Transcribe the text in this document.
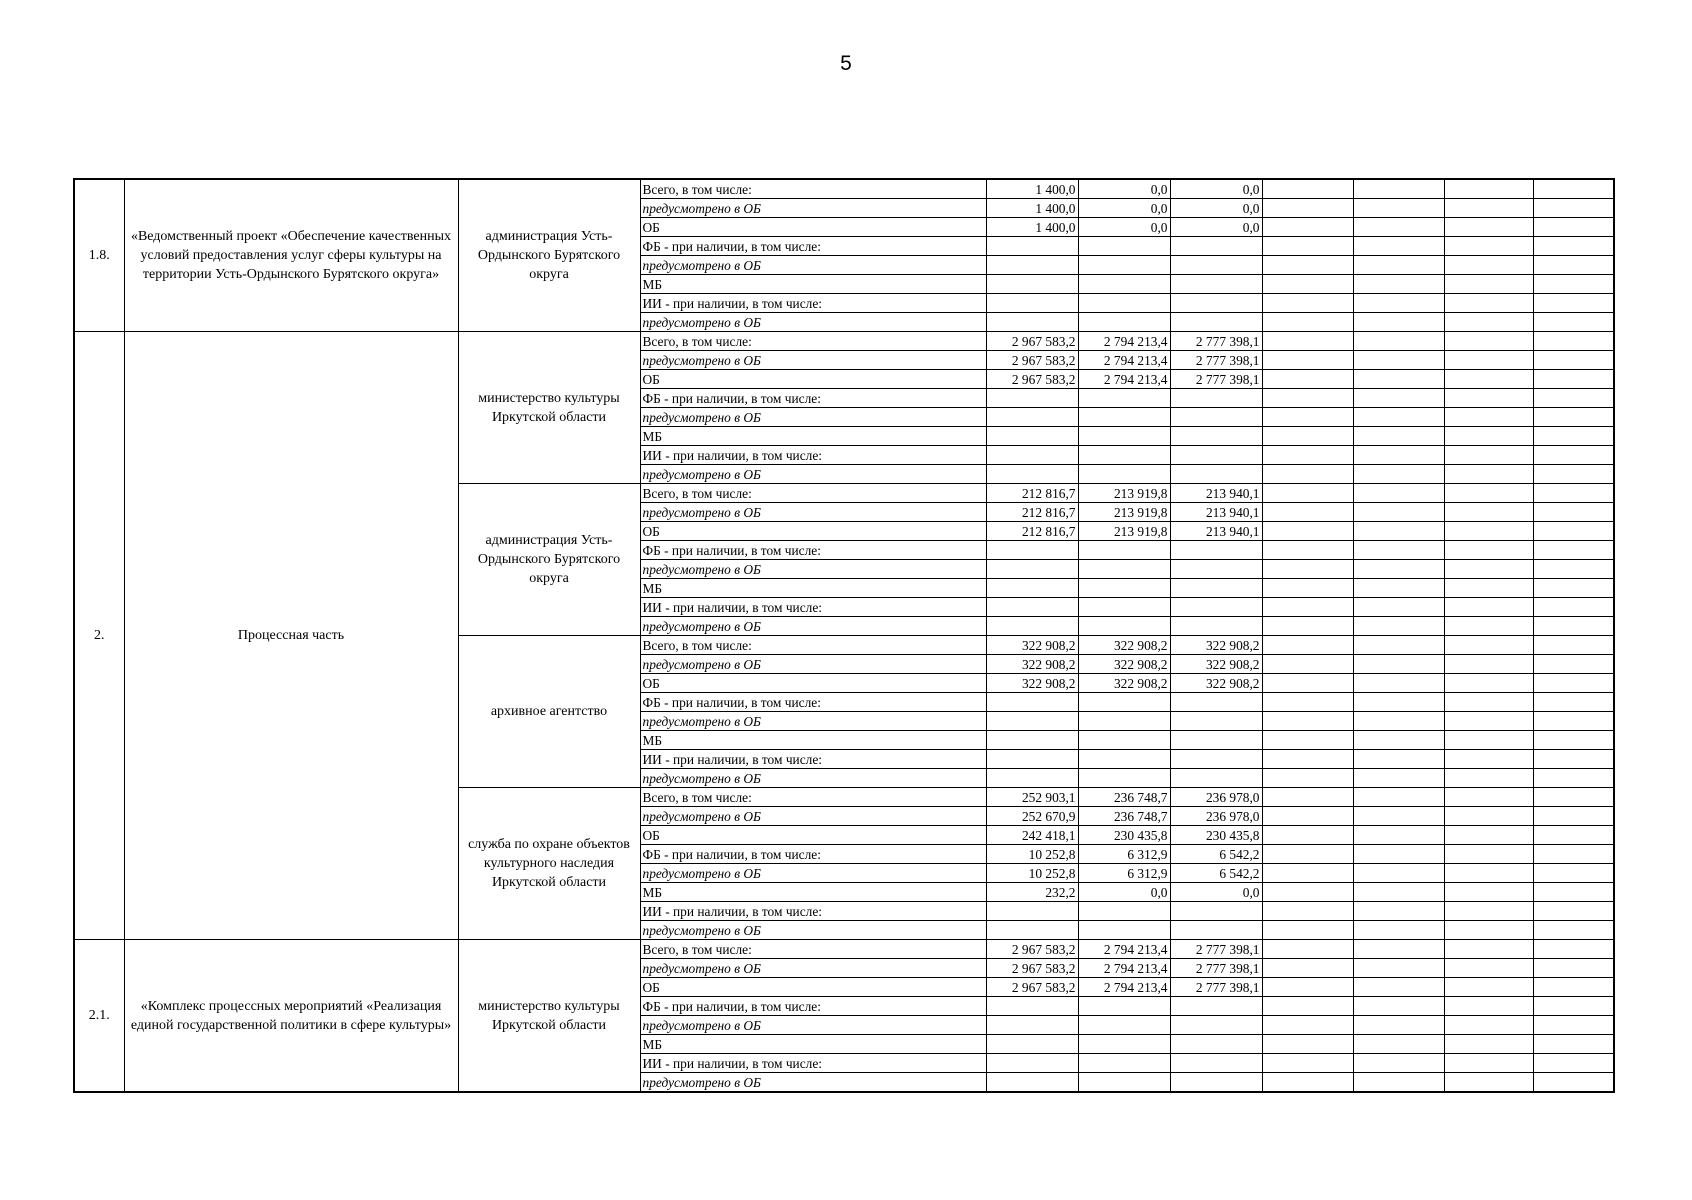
5
1.8.	«Ведомственный проект «Обеспечение качественных условий предоставления услуг сферы культуры на территории Усть-Ордынского Бурятского округа»	администрация Усть-Ордынского Бурятского округа	Всего, в том числе:	1 400,0	0,0	0,0				
			предусмотрено в ОБ	1 400,0	0,0	0,0				
			ОБ	1 400,0	0,0	0,0				
			ФБ - при наличии, в том числе:							
			предусмотрено в ОБ							
			МБ							
			ИИ - при наличии, в том числе:							
			предусмотрено в ОБ							
2.	Процессная часть	министерство культуры Иркутской области	Всего, в том числе:	2 967 583,2	2 794 213,4	2 777 398,1				
			предусмотрено в ОБ	2 967 583,2	2 794 213,4	2 777 398,1				
			ОБ	2 967 583,2	2 794 213,4	2 777 398,1				
			ФБ - при наличии, в том числе:							
			предусмотрено в ОБ							
			МБ							
			ИИ - при наличии, в том числе:							
			предусмотрено в ОБ							
		администрация Усть-Ордынского Бурятского округа	Всего, в том числе:	212 816,7	213 919,8	213 940,1				
			предусмотрено в ОБ	212 816,7	213 919,8	213 940,1				
			ОБ	212 816,7	213 919,8	213 940,1				
			ФБ - при наличии, в том числе:							
			предусмотрено в ОБ							
			МБ							
			ИИ - при наличии, в том числе:							
			предусмотрено в ОБ							
		архивное агентство	Всего, в том числе:	322 908,2	322 908,2	322 908,2				
			предусмотрено в ОБ	322 908,2	322 908,2	322 908,2				
			ОБ	322 908,2	322 908,2	322 908,2				
			ФБ - при наличии, в том числе:							
			предусмотрено в ОБ							
			МБ							
			ИИ - при наличии, в том числе:							
			предусмотрено в ОБ							
		служба по охране объектов культурного наследия Иркутской области	Всего, в том числе:	252 903,1	236 748,7	236 978,0				
			предусмотрено в ОБ	252 670,9	236 748,7	236 978,0				
			ОБ	242 418,1	230 435,8	230 435,8				
			ФБ - при наличии, в том числе:	10 252,8	6 312,9	6 542,2				
			предусмотрено в ОБ	10 252,8	6 312,9	6 542,2				
			МБ	232,2	0,0	0,0				
			ИИ - при наличии, в том числе:							
			предусмотрено в ОБ							
2.1.	«Комплекс процессных мероприятий «Реализация единой государственной политики в сфере культуры»	министерство культуры Иркутской области	Всего, в том числе:	2 967 583,2	2 794 213,4	2 777 398,1				
			предусмотрено в ОБ	2 967 583,2	2 794 213,4	2 777 398,1				
			ОБ	2 967 583,2	2 794 213,4	2 777 398,1				
			ФБ - при наличии, в том числе:							
			предусмотрено в ОБ							
			МБ							
			ИИ - при наличии, в том числе:							
			предусмотрено в ОБ							
